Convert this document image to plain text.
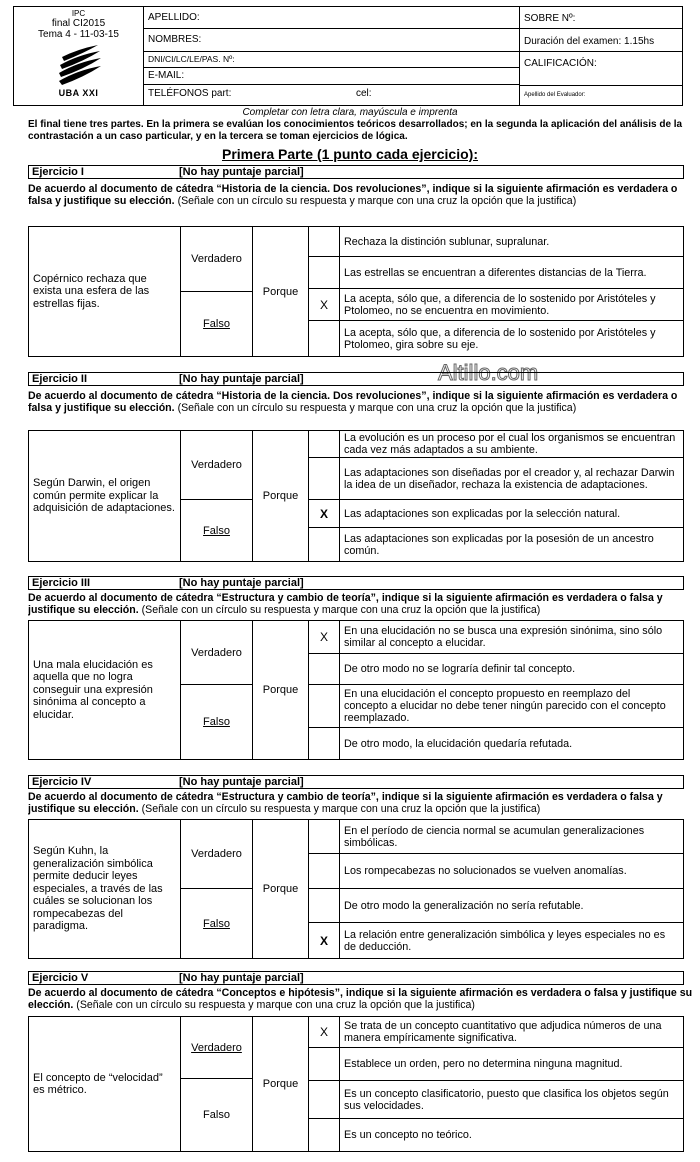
IPC
final CI2015
Tema 4 - 11-03-15
UBA XXI
APELLIDO:
NOMBRES:
DNI/CI/LC/LE/PAS. Nº:
E-MAIL:
TELÉFONOS part:	cel:
SOBRE Nº:
Duración del examen: 1.15hs
CALIFICACIÓN:
Apellido del Evaluador:
Completar con letra clara, mayúscula e imprenta
El final tiene tres partes. En la primera se evalúan los conocimientos teóricos desarrollados; en la segunda la aplicación del análisis de la contrastación a un caso particular, y en la tercera se toman ejercicios de lógica.
Primera Parte (1 punto cada ejercicio):
Altillo.com
Ejercicio I	[No hay puntaje parcial]
De acuerdo al documento de cátedra “Historia de la ciencia. Dos revoluciones”, indique si la siguiente afirmación es verdadera o falsa y justifique su elección. (Señale con un círculo su respuesta y marque con una cruz la opción que la justifica)
Copérnico rechaza que exista una esfera de las estrellas fijas.
Verdadero
Falso
Porque
Rechaza la distinción sublunar, supralunar.
Las estrellas se encuentran a diferentes distancias de la Tierra.
X	La acepta, sólo que, a diferencia de lo sostenido por Aristóteles y Ptolomeo, no se encuentra en movimiento.
La acepta, sólo que, a diferencia de lo sostenido por Aristóteles y Ptolomeo, gira sobre su eje.
Ejercicio II	[No hay puntaje parcial]
De acuerdo al documento de cátedra “Historia de la ciencia. Dos revoluciones”, indique si la siguiente afirmación es verdadera o falsa y justifique su elección. (Señale con un círculo su respuesta y marque con una cruz la opción que la justifica)
Según Darwin, el origen común permite explicar la adquisición de adaptaciones.
Verdadero
Falso
Porque
La evolución es un proceso por el cual los organismos se encuentran cada vez más adaptados a su ambiente.
Las adaptaciones son diseñadas por el creador y, al rechazar Darwin la idea de un diseñador, rechaza la existencia de adaptaciones.
X	Las adaptaciones son explicadas por la selección natural.
Las adaptaciones son explicadas por la posesión de un ancestro común.
Ejercicio III	[No hay puntaje parcial]
De acuerdo al documento de cátedra “Estructura y cambio de teoría”, indique si la siguiente afirmación es verdadera o falsa y justifique su elección. (Señale con un círculo su respuesta y marque con una cruz la opción que la justifica)
Una mala elucidación es aquella que no logra conseguir una expresión sinónima al concepto a elucidar.
Verdadero
Falso
Porque
X	En una elucidación no se busca una expresión sinónima, sino sólo similar al concepto a elucidar.
De otro modo no se lograría definir tal concepto.
En una elucidación el concepto propuesto en reemplazo del concepto a elucidar no debe tener ningún parecido con el concepto reemplazado.
De otro modo, la elucidación quedaría refutada.
Ejercicio IV	[No hay puntaje parcial]
De acuerdo al documento de cátedra “Estructura y cambio de teoría”, indique si la siguiente afirmación es verdadera o falsa y justifique su elección. (Señale con un círculo su respuesta y marque con una cruz la opción que la justifica)
Según Kuhn, la generalización simbólica permite deducir leyes especiales, a través de las cuáles se solucionan los rompecabezas del paradigma.
Verdadero
Falso
Porque
En el período de ciencia normal se acumulan generalizaciones simbólicas.
Los rompecabezas no solucionados se vuelven anomalías.
De otro modo la generalización no sería refutable.
X	La relación entre generalización simbólica y leyes especiales no es de deducción.
Ejercicio V	[No hay puntaje parcial]
De acuerdo al documento de cátedra “Conceptos e hipótesis”, indique si la siguiente afirmación es verdadera o falsa y justifique su elección. (Señale con un círculo su respuesta y marque con una cruz la opción que la justifica)
El concepto de “velocidad” es métrico.
Verdadero
Falso
Porque
X	Se trata de un concepto cuantitativo que adjudica números de una manera empíricamente significativa.
Establece un orden, pero no determina ninguna magnitud.
Es un concepto clasificatorio, puesto que clasifica los objetos según sus velocidades.
Es un concepto no teórico.
